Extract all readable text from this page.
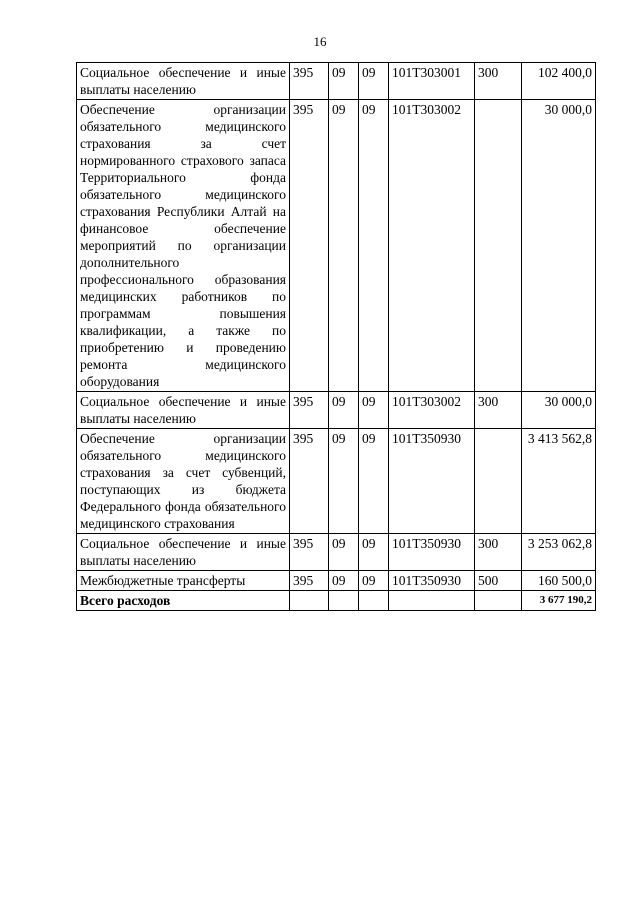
16
Социальное обеспечение и иные выплаты населению	395	09	09	101Т303001	300	102 400,0
Обеспечение организации обязательного медицинского страхования за счет нормированного страхового запаса Территориального фонда обязательного медицинского страхования Республики Алтай на финансовое обеспечение мероприятий по организации дополнительного профессионального образования медицинских работников по программам повышения квалификации, а также по приобретению и проведению ремонта медицинского оборудования	395	09	09	101Т303002		30 000,0
Социальное обеспечение и иные выплаты населению	395	09	09	101Т303002	300	30 000,0
Обеспечение организации обязательного медицинского страхования за счет субвенций, поступающих из бюджета Федерального фонда обязательного медицинского страхования	395	09	09	101Т350930		3 413 562,8
Социальное обеспечение и иные выплаты населению	395	09	09	101Т350930	300	3 253 062,8
Межбюджетные трансферты	395	09	09	101Т350930	500	160 500,0
Всего расходов						3 677 190,2
